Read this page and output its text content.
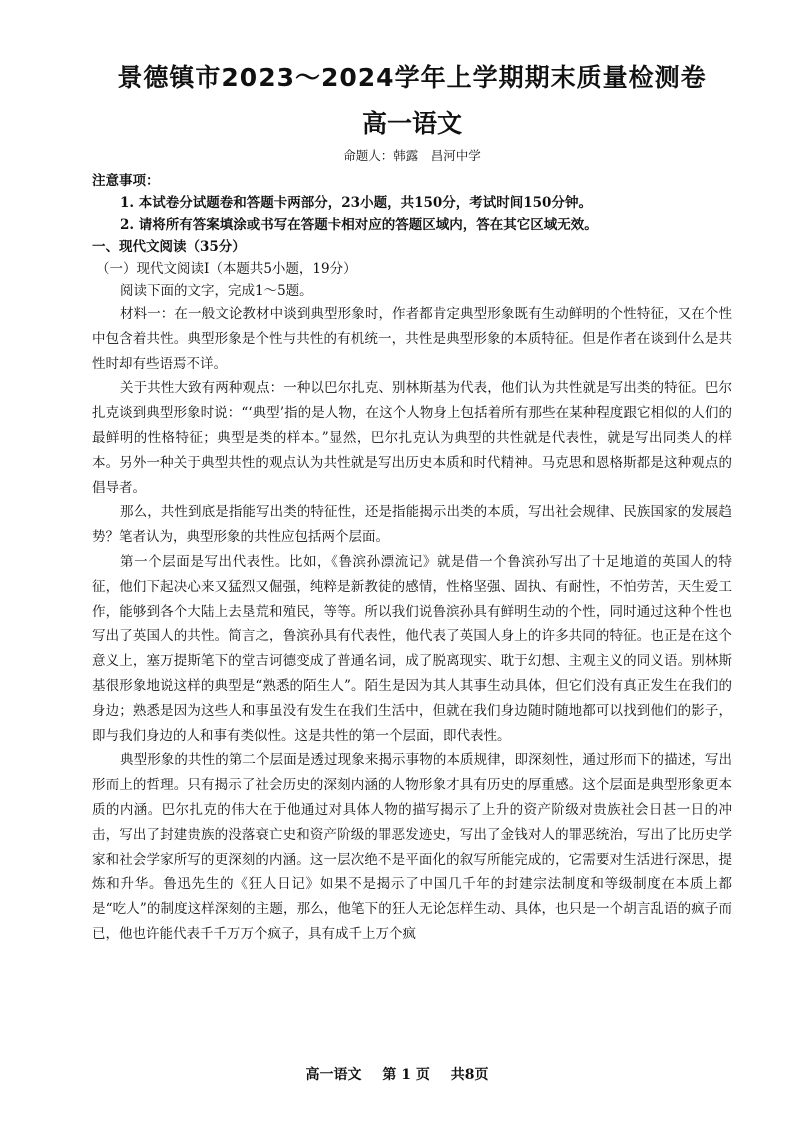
景德镇市2023～2024学年上学期期末质量检测卷
高一语文

命题人：韩露　昌河中学

注意事项：

1. 本试卷分试题卷和答题卡两部分，23小题，共150分，考试时间150分钟。

2. 请将所有答案填涂或书写在答题卡相对应的答题区域内，答在其它区域无效。

一、现代文阅读（35分）

（一）现代文阅读Ⅰ（本题共5小题，19分）

阅读下面的文字，完成1～5题。

材料一：在一般文论教材中谈到典型形象时，作者都肯定典型形象既有生动鲜明的个性特征，又在个性中包含着共性。典型形象是个性与共性的有机统一，共性是典型形象的本质特征。但是作者在谈到什么是共性时却有些语焉不详。

关于共性大致有两种观点：一种以巴尔扎克、别林斯基为代表，他们认为共性就是写出类的特征。巴尔扎克谈到典型形象时说：“‘典型’指的是人物，在这个人物身上包括着所有那些在某种程度跟它相似的人们的最鲜明的性格特征；典型是类的样本。”显然，巴尔扎克认为典型的共性就是代表性，就是写出同类人的样本。另外一种关于典型共性的观点认为共性就是写出历史本质和时代精神。马克思和恩格斯都是这种观点的倡导者。

那么，共性到底是指能写出类的特征性，还是指能揭示出类的本质，写出社会规律、民族国家的发展趋势？笔者认为，典型形象的共性应包括两个层面。

第一个层面是写出代表性。比如，《鲁滨孙漂流记》就是借一个鲁滨孙写出了十足地道的英国人的特征，他们下起决心来又猛烈又倔强，纯粹是新教徒的感情，性格坚强、固执、有耐性，不怕劳苦，天生爱工作，能够到各个大陆上去垦荒和殖民，等等。所以我们说鲁滨孙具有鲜明生动的个性，同时通过这种个性也写出了英国人的共性。简言之，鲁滨孙具有代表性，他代表了英国人身上的许多共同的特征。也正是在这个意义上，塞万提斯笔下的堂吉诃德变成了普通名词，成了脱离现实、耽于幻想、主观主义的同义语。别林斯基很形象地说这样的典型是“熟悉的陌生人”。陌生是因为其人其事生动具体，但它们没有真正发生在我们的身边；熟悉是因为这些人和事虽没有发生在我们生活中，但就在我们身边随时随地都可以找到他们的影子，即与我们身边的人和事有类似性。这是共性的第一个层面，即代表性。

典型形象的共性的第二个层面是透过现象来揭示事物的本质规律，即深刻性，通过形而下的描述，写出形而上的哲理。只有揭示了社会历史的深刻内涵的人物形象才具有历史的厚重感。这个层面是典型形象更本质的内涵。巴尔扎克的伟大在于他通过对具体人物的描写揭示了上升的资产阶级对贵族社会日甚一日的冲击，写出了封建贵族的没落衰亡史和资产阶级的罪恶发迹史，写出了金钱对人的罪恶统治，写出了比历史学家和社会学家所写的更深刻的内涵。这一层次绝不是平面化的叙写所能完成的，它需要对生活进行深思，提炼和升华。鲁迅先生的《狂人日记》如果不是揭示了中国几千年的封建宗法制度和等级制度在本质上都是“吃人”的制度这样深刻的主题，那么，他笔下的狂人无论怎样生动、具体，也只是一个胡言乱语的疯子而已，他也许能代表千千万万个疯子，具有成千上万个疯

高一语文 第 1 页 共8页
